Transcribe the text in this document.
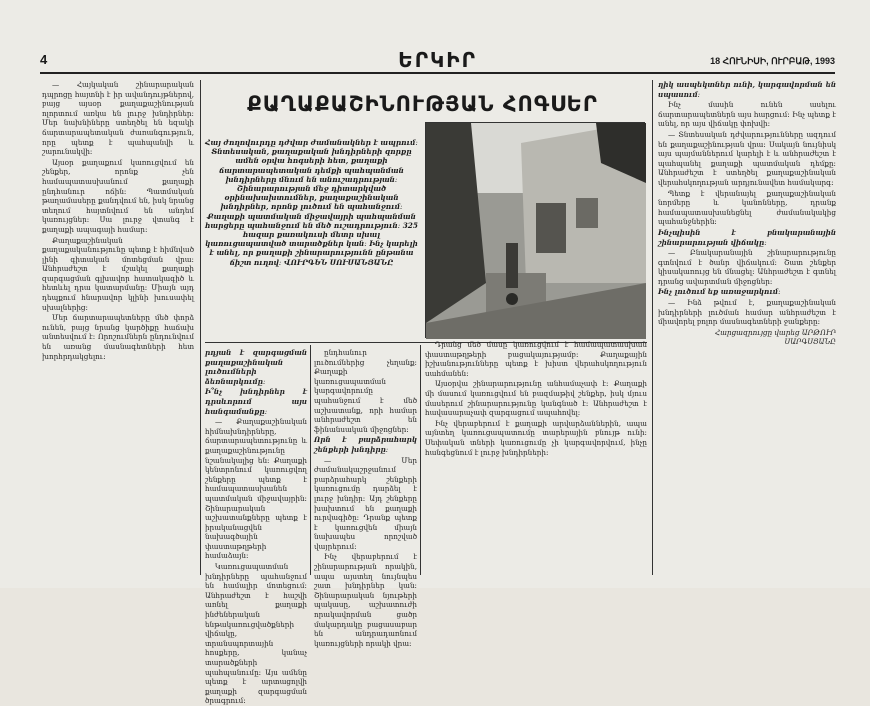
4	ԵՐԿԻՐ	18 ՀՈՒՆԻՍԻ, ՈՒՐԲԱԹ, 1993
ՔԱՂԱՔԱՇԻՆՈՒԹՅԱՆ ՀՈԳՍԵՐ

— Հայկական շինարարական դպրոցը հայտնի է իր ավանդույթներով, բայց այսօր քաղաքաշինության ոլորտում առկա են լուրջ խնդիրներ։ Մեր նախնիները ստեղծել են եզակի ճարտարապետական ժառանգություն, որը պետք է պահպանվի և շարունակվի։

Այսօր քաղաքում կառուցվում են շենքեր, որոնք չեն համապատասխանում քաղաքի ընդհանուր ոճին։ Պատմական թաղամասերը քանդվում են, իսկ նրանց տեղում հայտնվում են անդեմ կառույցներ։ Սա լուրջ վտանգ է քաղաքի ապագայի համար։

Քաղաքաշինական քաղաքականությունը պետք է հիմնված լինի գիտական մոտեցման վրա։ Անհրաժեշտ է մշակել քաղաքի զարգացման գլխավոր հատակագիծ և հետևել դրա կատարմանը։ Միայն այդ դեպքում հնարավոր կլինի խուսափել սխալներից։

Մեր ճարտարապետները մեծ փորձ ունեն, բայց նրանց կարծիքը հաճախ անտեսվում է։ Որոշումներն ընդունվում են առանց մասնագետների հետ խորհրդակցելու։

Հայ ժողովուրդը դժվար ժամանակներ է ապրում։ Տնտեսական, քաղաքական խնդիրների զորքը ամեն օրվա հոգսերի հետ, քաղաքի ճարտարապետական դեմքի պահպանման խնդիրները մնում են անուշադրության։ Շինարարության մեջ դիտարկված օրինախախտումներ, քաղաքաշինական խնդիրներ, որոնք լուծում են պահանջում։ Քաղաքի պատմական միջավայրի պահպանման հարցերը պահանջում են մեծ ուշադրություն։ 325 հազար քառակուսի մետր սխալ կառուցապատված տարածքներ կան։ Ինչ կարելի է անել, որ քաղաքի շինարարությունն ընթանա ճիշտ ուղով։ ՎՈՒՐԳԵՆ ՍՈՒՍԱՆՅԱՆԸ

րդյան է զարգացման քաղաքաշինական լուծումների ձեռնարկումը։

Ի՞նչ խնդիրներ է դրսևորում այս հանգամանքը։

— Քաղաքաշինական հիմնախնդիրները, ճարտարապետությունը և քաղաքաշինությունը նշանակալից են։ Քաղաքի կենտրոնում կառուցվող շենքերը պետք է համապատասխանեն պատմական միջավայրին։ Շինարարական աշխատանքները պետք է իրականացվեն նախագծային փաստաթղթերի համաձայն։

Կառուցապատման խնդիրները պահանջում են համալիր մոտեցում։ Անհրաժեշտ է հաշվի առնել քաղաքի ինժեներական ենթակառուցվածքների վիճակը, տրանսպորտային հոսքերը, կանաչ տարածքների պահպանումը։ Այս ամենը պետք է արտացոլվի քաղաքի զարգացման ծրագրում։

ընդհանուր լուծումներից չեղանք։ Քաղաքի կառուցապատման կարգավորումը պահանջում է մեծ աշխատանք, որի համար անհրաժեշտ են ֆինանսական միջոցներ։

Որն է բարձրահարկ շենքերի խնդիրը։

— Մեր ժամանակաշրջանում բարձրահարկ շենքերի կառուցումը դարձել է լուրջ խնդիր։ Այդ շենքերը խախտում են քաղաքի ուրվագիծը։ Դրանք պետք է կառուցվեն միայն նախապես որոշված վայրերում։

Ինչ վերաբերում է շինարարության որակին, ապա այստեղ նույնպես շատ խնդիրներ կան։ Շինարարական նյութերի պակասը, աշխատուժի որակավորման ցածր մակարդակը բացասաբար են անդրադառնում կառույցների որակի վրա։

Դրանց մեծ մասը կառուցվում է համապատասխան փաստաթղթերի բացակայությամբ։ Քաղաքային իշխանությունները պետք է խիստ վերահսկողություն սահմանեն։

Այսօրվա շինարարությունը անհամաչափ է։ Քաղաքի մի մասում կառուցվում են բազմաթիվ շենքեր, իսկ մյուս մասերում շինարարությունը կանգնած է։ Անհրաժեշտ է հավասարաչափ զարգացում ապահովել։

Ինչ վերաբերում է քաղաքի արվարձաններին, ապա այնտեղ կառուցապատումը տարերային բնույթ ունի։ Սեփական տների կառուցումը չի կարգավորվում, ինչը հանգեցնում է լուրջ խնդիրների։

ղիկ ասպեկտներ ունի, կարգավորման են սպասում։

Ինչ մասին ունեն ասելու ճարտարապետներն այս հարցում։ Ինչ պետք է անել, որ այս վիճակը փոխվի։

— Տնտեսական դժվարությունները ազդում են քաղաքաշինության վրա։ Սակայն նույնիսկ այս պայմաններում կարելի է և անհրաժեշտ է պահպանել քաղաքի պատմական դեմքը։ Անհրաժեշտ է ստեղծել քաղաքաշինական վերահսկողության արդյունավետ համակարգ։

Պետք է վերանայել քաղաքաշինական նորմերը և կանոնները, դրանք համապատասխանեցնել ժամանակակից պահանջներին։

Ինչպիսին է բնակարանային շինարարության վիճակը։

— Բնակարանային շինարարությունը գտնվում է ծանր վիճակում։ Շատ շենքեր կիսակառույց են մնացել։ Անհրաժեշտ է գտնել դրանց ավարտման միջոցներ։

Ինչ լուծում եք առաջարկում։

— Ինձ թվում է, քաղաքաշինական խնդիրների լուծման համար անհրաժեշտ է միավորել բոլոր մասնագետների ջանքերը։

Հարցազրույցը վարեց ԱՐԹՈՒՐ ՍԱՐԳՍՅԱՆԸ
